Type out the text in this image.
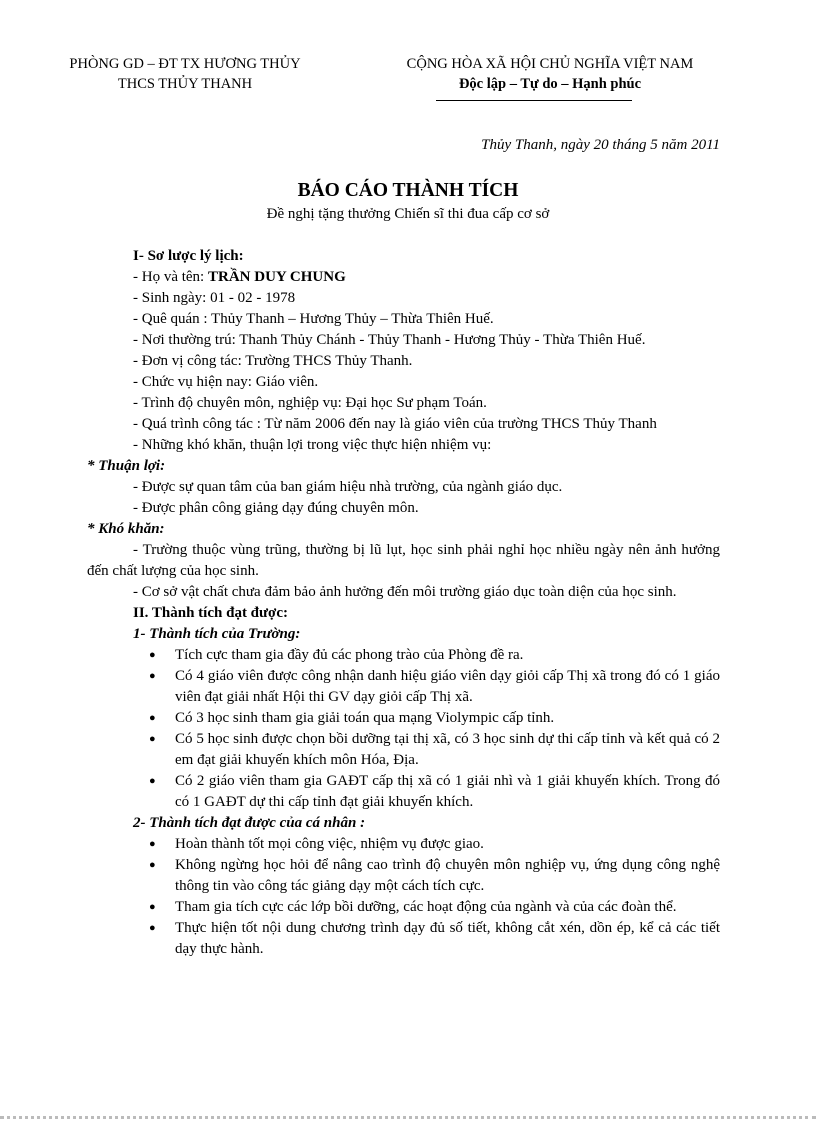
PHÒNG GD – ĐT TX HƯƠNG THỦY
THCS THỦY THANH
CỘNG HÒA XÃ HỘI CHỦ NGHĨA VIỆT NAM
Độc lập – Tự do – Hạnh phúc
Thủy Thanh, ngày 20 tháng 5 năm 2011
BÁO CÁO THÀNH TÍCH
Đề nghị tặng thưởng Chiến sĩ thi đua cấp cơ sở

I- Sơ lược lý lịch:

- Họ và tên: TRẦN DUY CHUNG

- Sinh ngày: 01 - 02 - 1978

- Quê quán : Thủy Thanh – Hương Thủy – Thừa Thiên Huế.

- Nơi thường trú: Thanh Thủy Chánh - Thủy Thanh - Hương Thủy - Thừa Thiên Huế.

- Đơn vị công tác: Trường THCS Thủy Thanh.

- Chức vụ hiện nay: Giáo viên.

- Trình độ chuyên môn, nghiệp vụ: Đại học Sư phạm Toán.

- Quá trình công tác : Từ năm 2006 đến nay là giáo viên của trường THCS Thủy Thanh

- Những khó khăn, thuận lợi trong việc thực hiện nhiệm vụ:

* Thuận lợi:

- Được sự quan tâm của ban giám hiệu nhà trường, của ngành giáo dục.

- Được phân công giảng dạy đúng chuyên môn.

* Khó khăn:

- Trường thuộc vùng trũng, thường bị lũ lụt, học sinh phải nghỉ học nhiều ngày nên ảnh hưởng đến chất lượng của học sinh.

- Cơ sở vật chất chưa đảm bảo ảnh hưởng đến môi trường giáo dục toàn diện của học sinh.

II. Thành tích đạt được:

1- Thành tích của Trường:

● Tích cực tham gia đầy đủ các phong trào của Phòng đề ra.
● Có 4 giáo viên được công nhận danh hiệu giáo viên dạy giỏi cấp Thị xã trong đó có 1 giáo viên đạt giải nhất Hội thi GV dạy giỏi cấp Thị xã.
● Có 3 học sinh tham gia giải toán qua mạng Violympic cấp tỉnh.
● Có 5 học sinh được chọn bồi dưỡng tại thị xã, có 3 học sinh dự thi cấp tỉnh và kết quả có 2 em đạt giải khuyến khích môn Hóa, Địa.
● Có 2 giáo viên tham gia GAĐT cấp thị xã có 1 giải nhì và 1 giải khuyến khích. Trong đó có 1 GAĐT dự thi cấp tỉnh đạt giải khuyến khích.

2- Thành tích đạt được của cá nhân :

● Hoàn thành tốt mọi công việc, nhiệm vụ được giao.
● Không ngừng học hỏi để nâng cao trình độ chuyên môn nghiệp vụ, ứng dụng công nghệ thông tin vào công tác giảng dạy một cách tích cực.
● Tham gia tích cực các lớp bồi dưỡng, các hoạt động của ngành và của các đoàn thể.
● Thực hiện tốt nội dung chương trình dạy đủ số tiết, không cắt xén, dồn ép, kể cả các tiết dạy thực hành.
